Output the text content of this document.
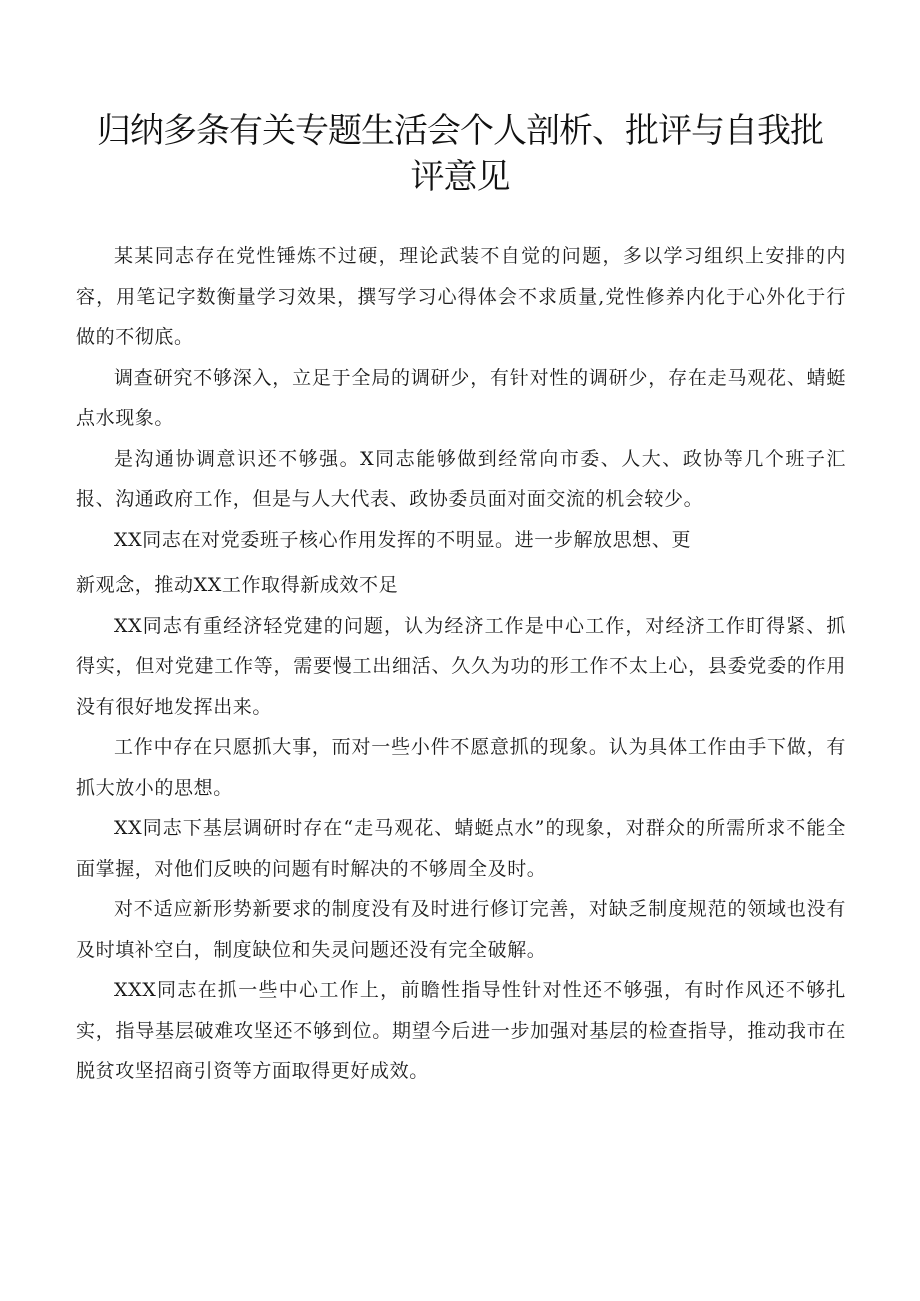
归纳多条有关专题生活会个人剖析、批评与自我批评意见

某某同志存在党性锤炼不过硬，理论武装不自觉的问题，多以学习组织上安排的内容，用笔记字数衡量学习效果，撰写学习心得体会不求质量,党性修养内化于心外化于行做的不彻底。

调查研究不够深入，立足于全局的调研少，有针对性的调研少，存在走马观花、蜻蜓点水现象。

是沟通协调意识还不够强。X同志能够做到经常向市委、人大、政协等几个班子汇报、沟通政府工作，但是与人大代表、政协委员面对面交流的机会较少。

XX同志在对党委班子核心作用发挥的不明显。进一步解放思想、更

新观念，推动XX工作取得新成效不足

XX同志有重经济轻党建的问题，认为经济工作是中心工作，对经济工作盯得紧、抓得实，但对党建工作等，需要慢工出细活、久久为功的形工作不太上心，县委党委的作用没有很好地发挥出来。

工作中存在只愿抓大事，而对一些小件不愿意抓的现象。认为具体工作由手下做，有抓大放小的思想。

XX同志下基层调研时存在“走马观花、蜻蜓点水”的现象，对群众的所需所求不能全面掌握，对他们反映的问题有时解决的不够周全及时。

对不适应新形势新要求的制度没有及时进行修订完善，对缺乏制度规范的领域也没有及时填补空白，制度缺位和失灵问题还没有完全破解。

XXX同志在抓一些中心工作上，前瞻性指导性针对性还不够强，有时作风还不够扎实，指导基层破难攻坚还不够到位。期望今后进一步加强对基层的检查指导，推动我市在脱贫攻坚招商引资等方面取得更好成效。
